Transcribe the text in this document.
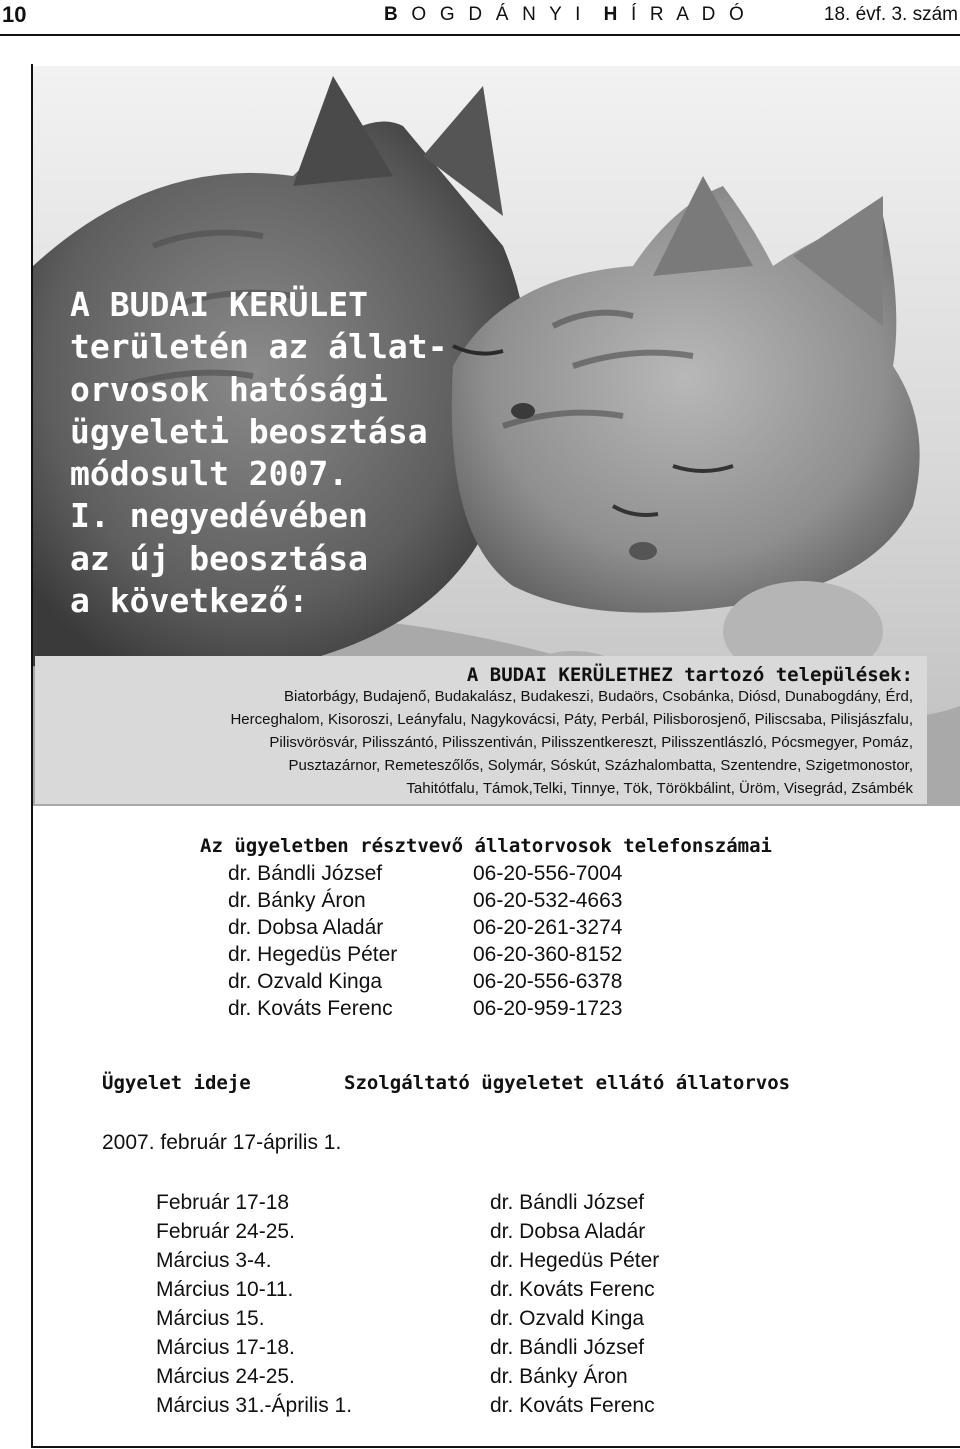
10	B O G D Á N Y I  H Í R A D Ó	18. évf. 3. szám
A BUDAI KERÜLET
területén az állat-
orvosok hatósági
ügyeleti beosztása
módosult 2007.
I. negyedévében
az új beosztása
a következő:
A BUDAI KERÜLETHEZ tartozó települések:
Biatorbágy, Budajenő, Budakalász, Budakeszi, Budaörs, Csobánka, Diósd, Dunabogdány, Érd,
Herceghalom, Kisoroszi, Leányfalu, Nagykovácsi, Páty, Perbál, Pilisborosjenő, Piliscsaba, Pilisjászfalu,
Pilisvörösvár, Pilisszántó, Pilisszentiván, Pilisszentkereszt, Pilisszentlászló, Pócsmegyer, Pomáz,
Pusztazárnor, Remeteszőlős, Solymár, Sóskút, Százhalombatta, Szentendre, Szigetmonostor,
Tahitótfalu, Támok,Telki, Tinnye, Tök, Törökbálint, Üröm, Visegrád, Zsámbék
Az ügyeletben résztvevő állatorvosok telefonszámai
dr. Bándli József	06-20-556-7004
dr. Bánky Áron	06-20-532-4663
dr. Dobsa Aladár	06-20-261-3274
dr. Hegedüs Péter	06-20-360-8152
dr. Ozvald Kinga	06-20-556-6378
dr. Kováts Ferenc	06-20-959-1723
Ügyelet ideje	Szolgáltató ügyeletet ellátó állatorvos
2007. február 17-április 1.
Február 17-18	dr. Bándli József
Február 24-25.	dr. Dobsa Aladár
Március 3-4.	dr. Hegedüs Péter
Március 10-11.	dr. Kováts Ferenc
Március 15.	dr. Ozvald Kinga
Március 17-18.	dr. Bándli József
Március 24-25.	dr. Bánky Áron
Március 31.-Április 1.	dr. Kováts Ferenc
